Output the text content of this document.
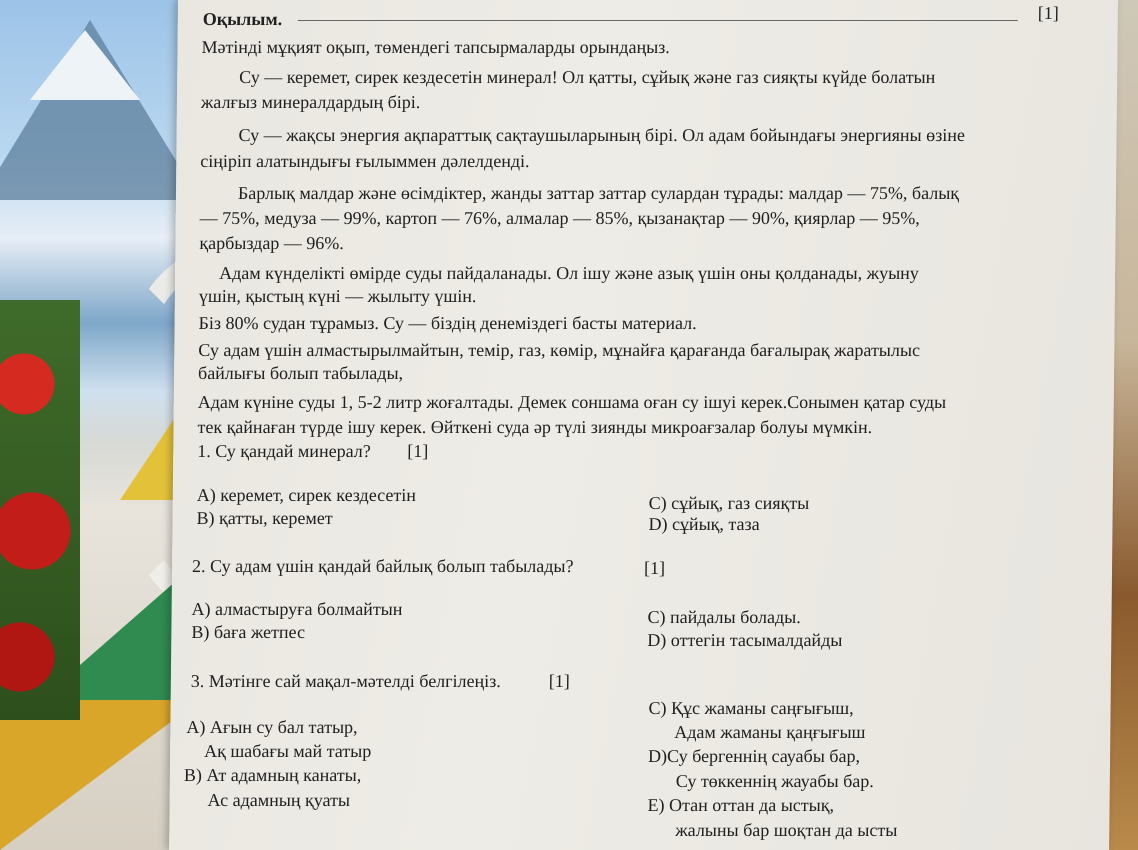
Оқылым.	[1]
Мәтінді мұқият оқып, төмендегі тапсырмаларды орындаңыз.
Су — керемет, сирек кездесетін минерал! Ол қатты, сұйық және газ сияқты күйде болатын
жалғыз минералдардың бірі.
Су — жақсы энергия ақпараттық сақтаушыларының бірі. Ол адам бойындағы энергияны өзіне
сіңіріп алатындығы ғылыммен дәлелденді.
Барлық малдар және өсімдіктер, жанды заттар заттар сулардан тұрады: малдар — 75%, балық
— 75%, медуза — 99%, картоп — 76%, алмалар — 85%, қызанақтар — 90%, қиярлар — 95%,
қарбыздар — 96%.
Адам күнделікті өмірде суды пайдаланады. Ол ішу және азық үшін оны қолданады, жуыну
үшін, қыстың күні — жылыту үшін.
Біз 80% судан тұрамыз. Су — біздің денеміздегі басты материал.
Су адам үшін алмастырылмайтын, темір, газ, көмір, мұнайға қарағанда бағалырақ жаратылыс
байлығы болып табылады,
Адам күніне суды 1, 5-2 литр жоғалтады. Демек соншама оған су ішуі керек.Сонымен қатар суды
тек қайнаған түрде ішу керек. Өйткені суда әр түлі зиянды микроағзалар болуы мүмкін.
1. Су қандай минерал? [1]
A) керемет, сирек кездесетін
B) қатты, керемет
C) сұйық, газ сияқты
D) сұйық, таза
2. Су адам үшін қандай байлық болып табылады?	[1]
A) алмастыруға болмайтын
B) баға жетпес
C) пайдалы болады.
D) оттегін тасымалдайды
3. Мәтінге сай мақал-мәтелді белгілеңіз.	[1]
A) Ағын су бал татыр,
Ақ шабағы май татыр
B) Ат адамның канаты,
Ас адамның қуаты
C) Құс жаманы саңғығыш,
Адам жаманы қаңғығыш
D)Су бергеннің сауабы бар,
Су төккеннің жауабы бар.
E) Отан оттан да ыстық,
жалыны бар шоқтан да ысты
